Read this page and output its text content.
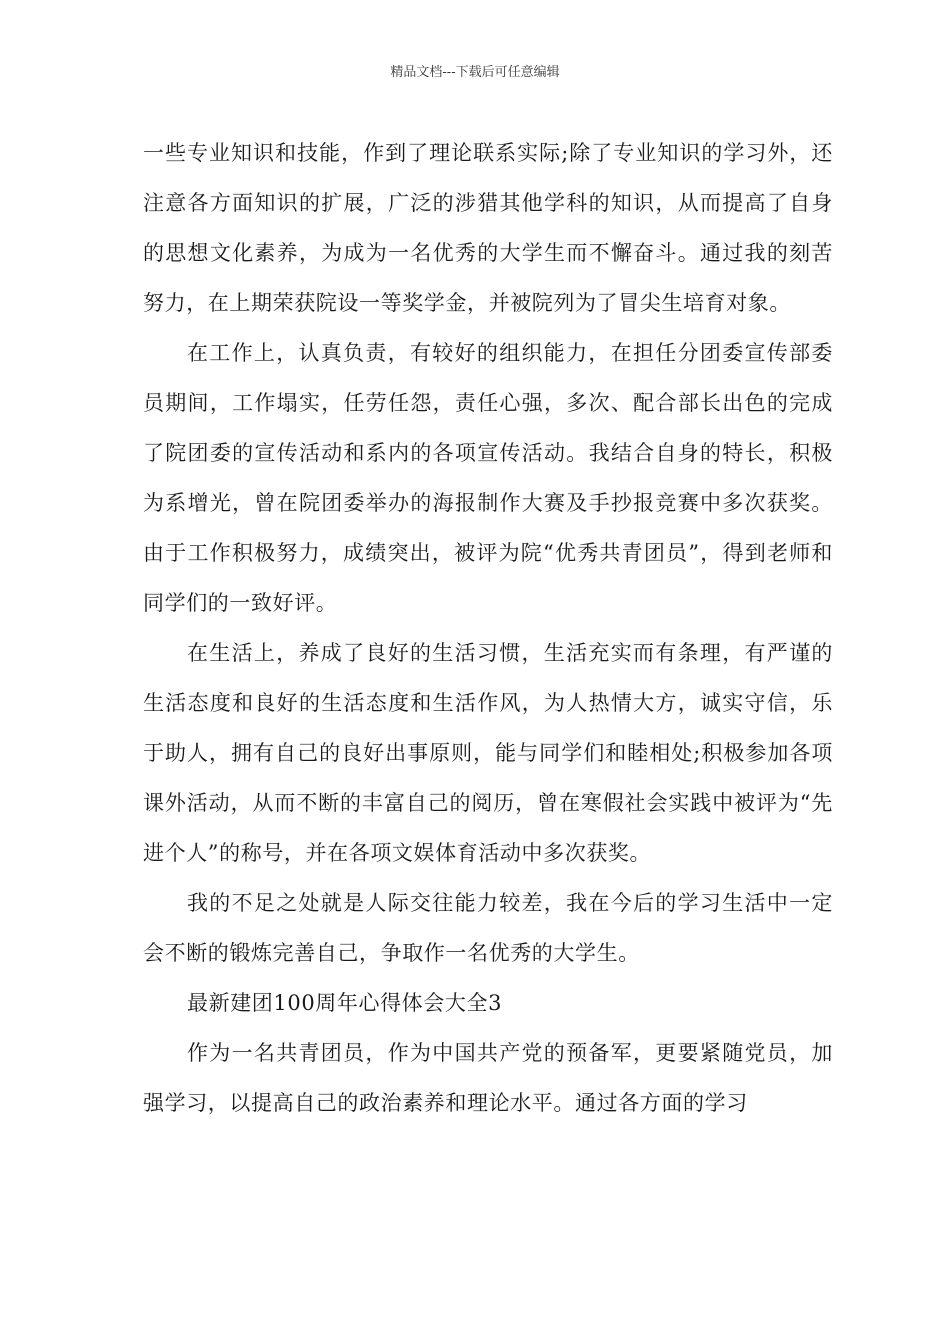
精品文档---下载后可任意编辑

一些专业知识和技能，作到了理论联系实际;除了专业知识的学习外，还注意各方面知识的扩展，广泛的涉猎其他学科的知识，从而提高了自身的思想文化素养，为成为一名优秀的大学生而不懈奋斗。通过我的刻苦努力，在上期荣获院设一等奖学金，并被院列为了冒尖生培育对象。

在工作上，认真负责，有较好的组织能力，在担任分团委宣传部委员期间，工作塌实，任劳任怨，责任心强，多次、配合部长出色的完成了院团委的宣传活动和系内的各项宣传活动。我结合自身的特长，积极为系增光，曾在院团委举办的海报制作大赛及手抄报竞赛中多次获奖。由于工作积极努力，成绩突出，被评为院“优秀共青团员”，得到老师和同学们的一致好评。

在生活上，养成了良好的生活习惯，生活充实而有条理，有严谨的生活态度和良好的生活态度和生活作风，为人热情大方，诚实守信，乐于助人，拥有自己的良好出事原则，能与同学们和睦相处;积极参加各项课外活动，从而不断的丰富自己的阅历，曾在寒假社会实践中被评为“先进个人”的称号，并在各项文娱体育活动中多次获奖。

我的不足之处就是人际交往能力较差，我在今后的学习生活中一定会不断的锻炼完善自己，争取作一名优秀的大学生。

最新建团100周年心得体会大全3

作为一名共青团员，作为中国共产党的预备军，更要紧随党员，加强学习，以提高自己的政治素养和理论水平。通过各方面的学习
